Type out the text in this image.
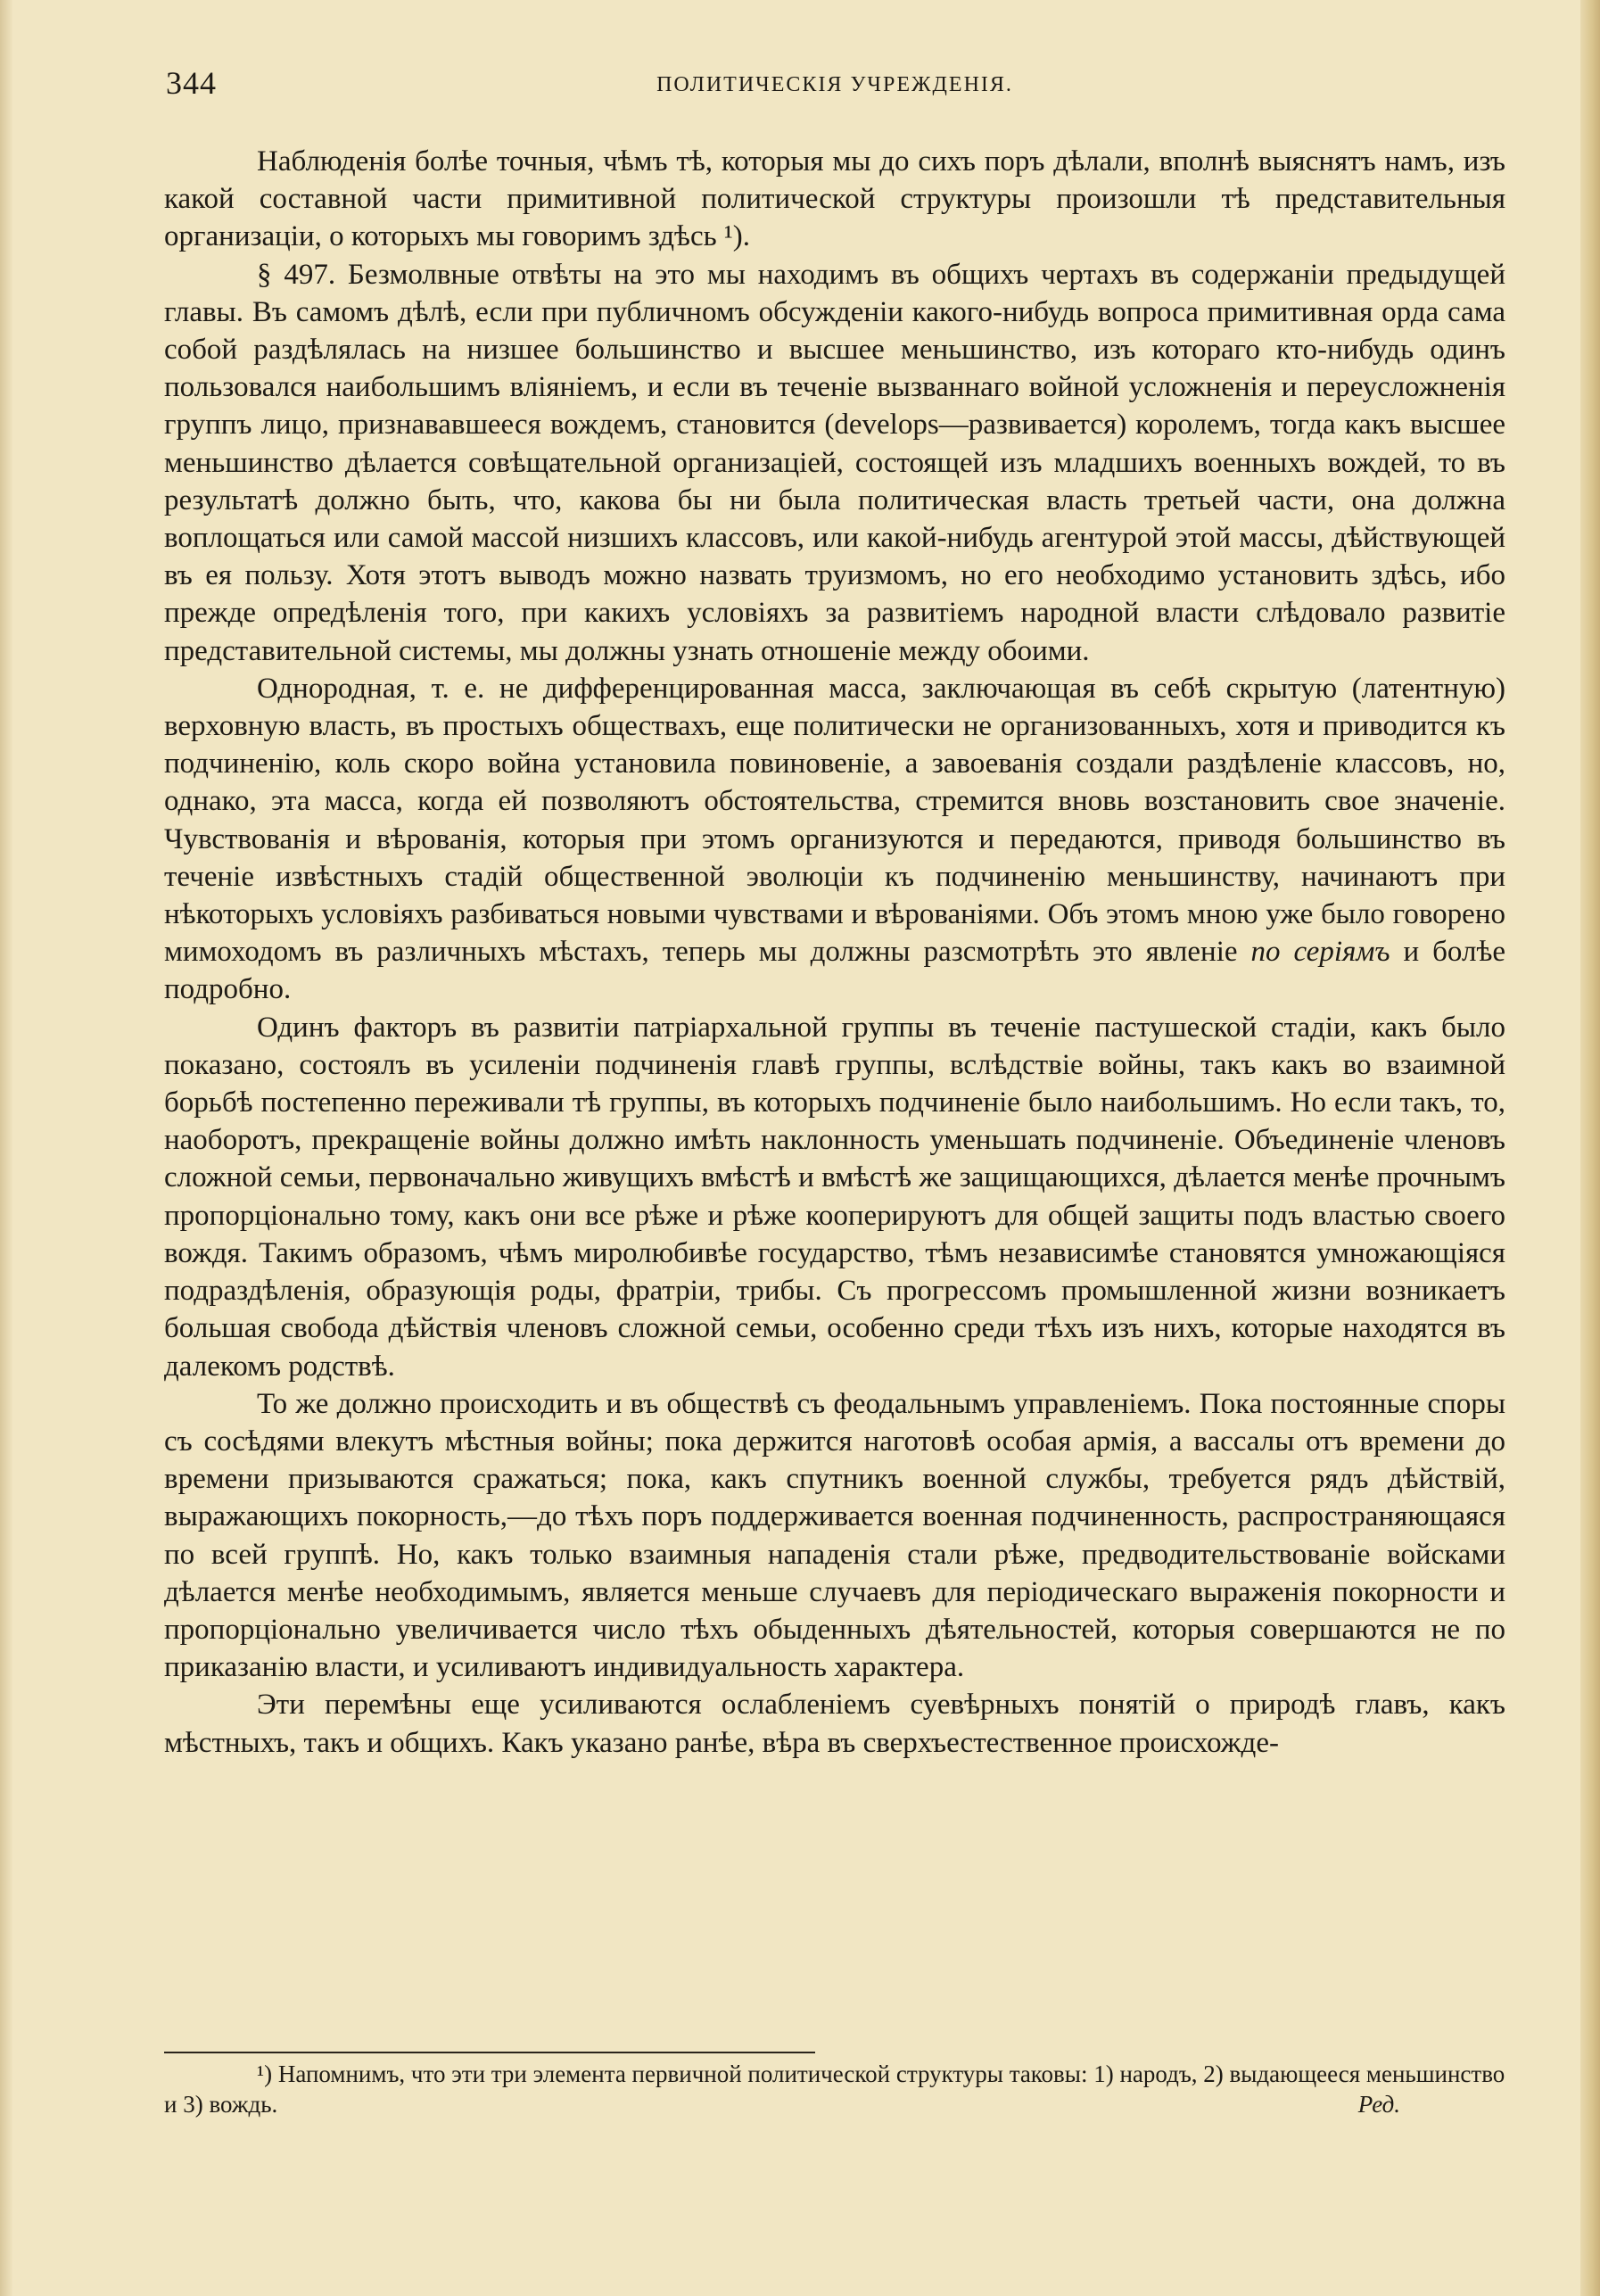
344	ПОЛИТИЧЕСКІЯ УЧРЕЖДЕНІЯ.

Наблюденія болѣе точныя, чѣмъ тѣ, которыя мы до сихъ поръ дѣлали, вполнѣ выяснятъ намъ, изъ какой составной части примитивной политической структуры произошли тѣ представительныя организаціи, о которыхъ мы говоримъ здѣсь ¹).

§ 497. Безмолвные отвѣты на это мы находимъ въ общихъ чертахъ въ содержаніи предыдущей главы. Въ самомъ дѣлѣ, если при публичномъ обсужденіи какого-нибудь вопроса примитивная орда сама собой раздѣлялась на низшее большинство и высшее меньшинство, изъ котораго кто-нибудь одинъ пользовался наибольшимъ вліяніемъ, и если въ теченіе вызваннаго войной усложненія и переусложненія группъ лицо, признававшееся вождемъ, становится (develops—развивается) королемъ, тогда какъ высшее меньшинство дѣлается совѣщательной организаціей, состоящей изъ младшихъ военныхъ вождей, то въ результатѣ должно быть, что, какова бы ни была политическая власть третьей части, она должна воплощаться или самой массой низшихъ классовъ, или какой-нибудь агентурой этой массы, дѣйствующей въ ея пользу. Хотя этотъ выводъ можно назвать труизмомъ, но его необходимо установить здѣсь, ибо прежде опредѣленія того, при какихъ условіяхъ за развитіемъ народной власти слѣдовало развитіе представительной системы, мы должны узнать отношеніе между обоими.

Однородная, т. е. не дифференцированная масса, заключающая въ себѣ скрытую (латентную) верховную власть, въ простыхъ обществахъ, еще политически не организованныхъ, хотя и приводится къ подчиненію, коль скоро война установила повиновеніе, а завоеванія создали раздѣленіе классовъ, но, однако, эта масса, когда ей позволяютъ обстоятельства, стремится вновь возстановить свое значеніе. Чувствованія и вѣрованія, которыя при этомъ организуются и передаются, приводя большинство въ теченіе извѣстныхъ стадій общественной эволюціи къ подчиненію меньшинству, начинаютъ при нѣкоторыхъ условіяхъ разбиваться новыми чувствами и вѣрованіями. Объ этомъ мною уже было говорено мимоходомъ въ различныхъ мѣстахъ, теперь мы должны разсмотрѣть это явленіе по серіямъ и болѣе подробно.

Одинъ факторъ въ развитіи патріархальной группы въ теченіе пастушеской стадіи, какъ было показано, состоялъ въ усиленіи подчиненія главѣ группы, вслѣдствіе войны, такъ какъ во взаимной борьбѣ постепенно переживали тѣ группы, въ которыхъ подчиненіе было наибольшимъ. Но если такъ, то, наоборотъ, прекращеніе войны должно имѣть наклонность уменьшать подчиненіе. Объединеніе членовъ сложной семьи, первоначально живущихъ вмѣстѣ и вмѣстѣ же защищающихся, дѣлается менѣе прочнымъ пропорціонально тому, какъ они все рѣже и рѣже кооперируютъ для общей защиты подъ властью своего вождя. Такимъ образомъ, чѣмъ миролюбивѣе государство, тѣмъ независимѣе становятся умножающіяся подраздѣленія, образующія роды, фратріи, трибы. Съ прогрессомъ промышленной жизни возникаетъ большая свобода дѣйствія членовъ сложной семьи, особенно среди тѣхъ изъ нихъ, которые находятся въ далекомъ родствѣ.

То же должно происходить и въ обществѣ съ феодальнымъ управленіемъ. Пока постоянные споры съ сосѣдями влекутъ мѣстныя войны; пока держится наготовѣ особая армія, а вассалы отъ времени до времени призываются сражаться; пока, какъ спутникъ военной службы, требуется рядъ дѣйствій, выражающихъ покорность,—до тѣхъ поръ поддерживается военная подчиненность, распространяющаяся по всей группѣ. Но, какъ только взаимныя нападенія стали рѣже, предводительствованіе войсками дѣлается менѣе необходимымъ, является меньше случаевъ для періодическаго выраженія покорности и пропорціонально увеличивается число тѣхъ обыденныхъ дѣятельностей, которыя совершаются не по приказанію власти, и усиливаютъ индивидуальность характера.

Эти перемѣны еще усиливаются ослабленіемъ суевѣрныхъ понятій о природѣ главъ, какъ мѣстныхъ, такъ и общихъ. Какъ указано ранѣе, вѣра въ сверхъестественное происхожде-

¹) Напомнимъ, что эти три элемента первичной политической структуры таковы: 1) народъ, 2) выдающееся меньшинство и 3) вождь.	Ред.
